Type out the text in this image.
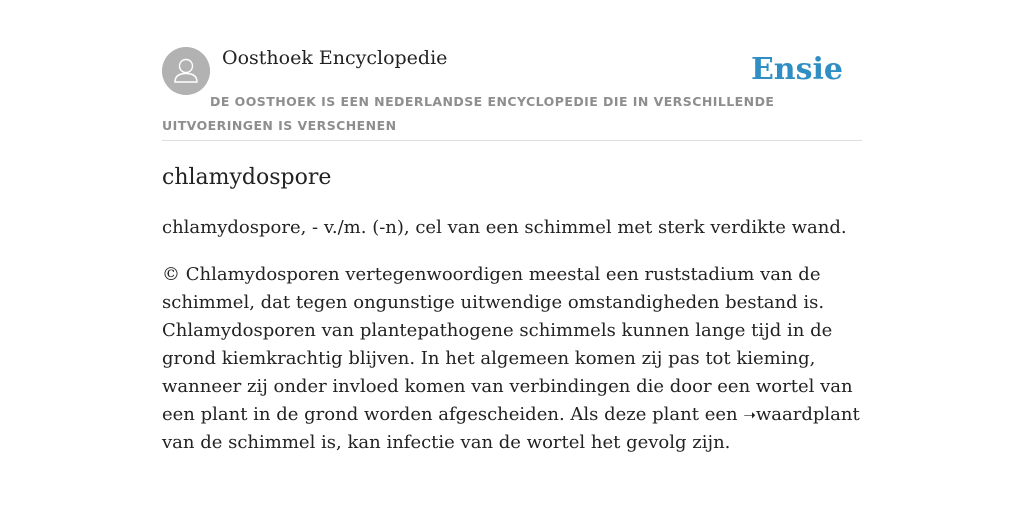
Oosthoek Encyclopedie	Ensie
DE OOSTHOEK IS EEN NEDERLANDSE ENCYCLOPEDIE DIE IN VERSCHILLENDE UITVOERINGEN IS VERSCHENEN
chlamydospore

chlamydospore, - v./m. (-n), cel van een schimmel met sterk verdikte wand.

© Chlamydosporen vertegenwoordigen meestal een ruststadium van de schimmel, dat tegen ongunstige uitwendige omstandigheden bestand is. Chlamydosporen van plantepathogene schimmels kunnen lange tijd in de grond kiemkrachtig blijven. In het algemeen komen zij pas tot kieming, wanneer zij onder invloed komen van verbindingen die door een wortel van een plant in de grond worden afgescheiden. Als deze plant een ➝waardplant van de schimmel is, kan infectie van de wortel het gevolg zijn.
